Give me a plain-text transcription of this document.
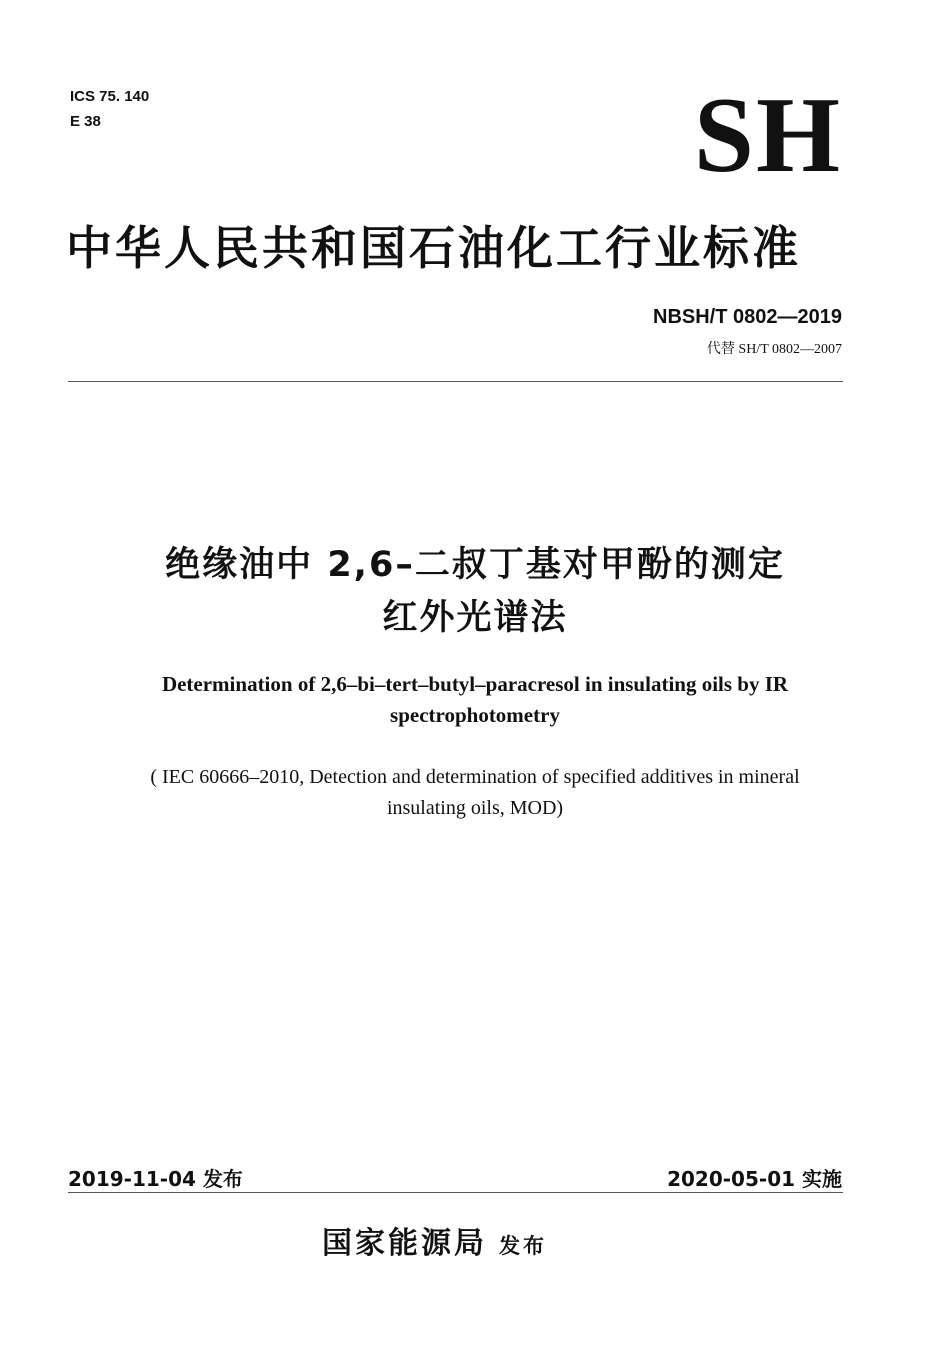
ICS 75. 140
E 38	SH
中华人民共和国石油化工行业标准
NBSH/T 0802—2019
代替 SH/T 0802—2007
绝缘油中 2,6–二叔丁基对甲酚的测定
红外光谱法
Determination of 2,6–bi–tert–butyl–paracresol in insulating oils by IR
spectrophotometry
( IEC 60666–2010, Detection and determination of specified additives in mineral
insulating oils, MOD)
2019-11-04 发布	2020-05-01 实施
国家能源局 发布
